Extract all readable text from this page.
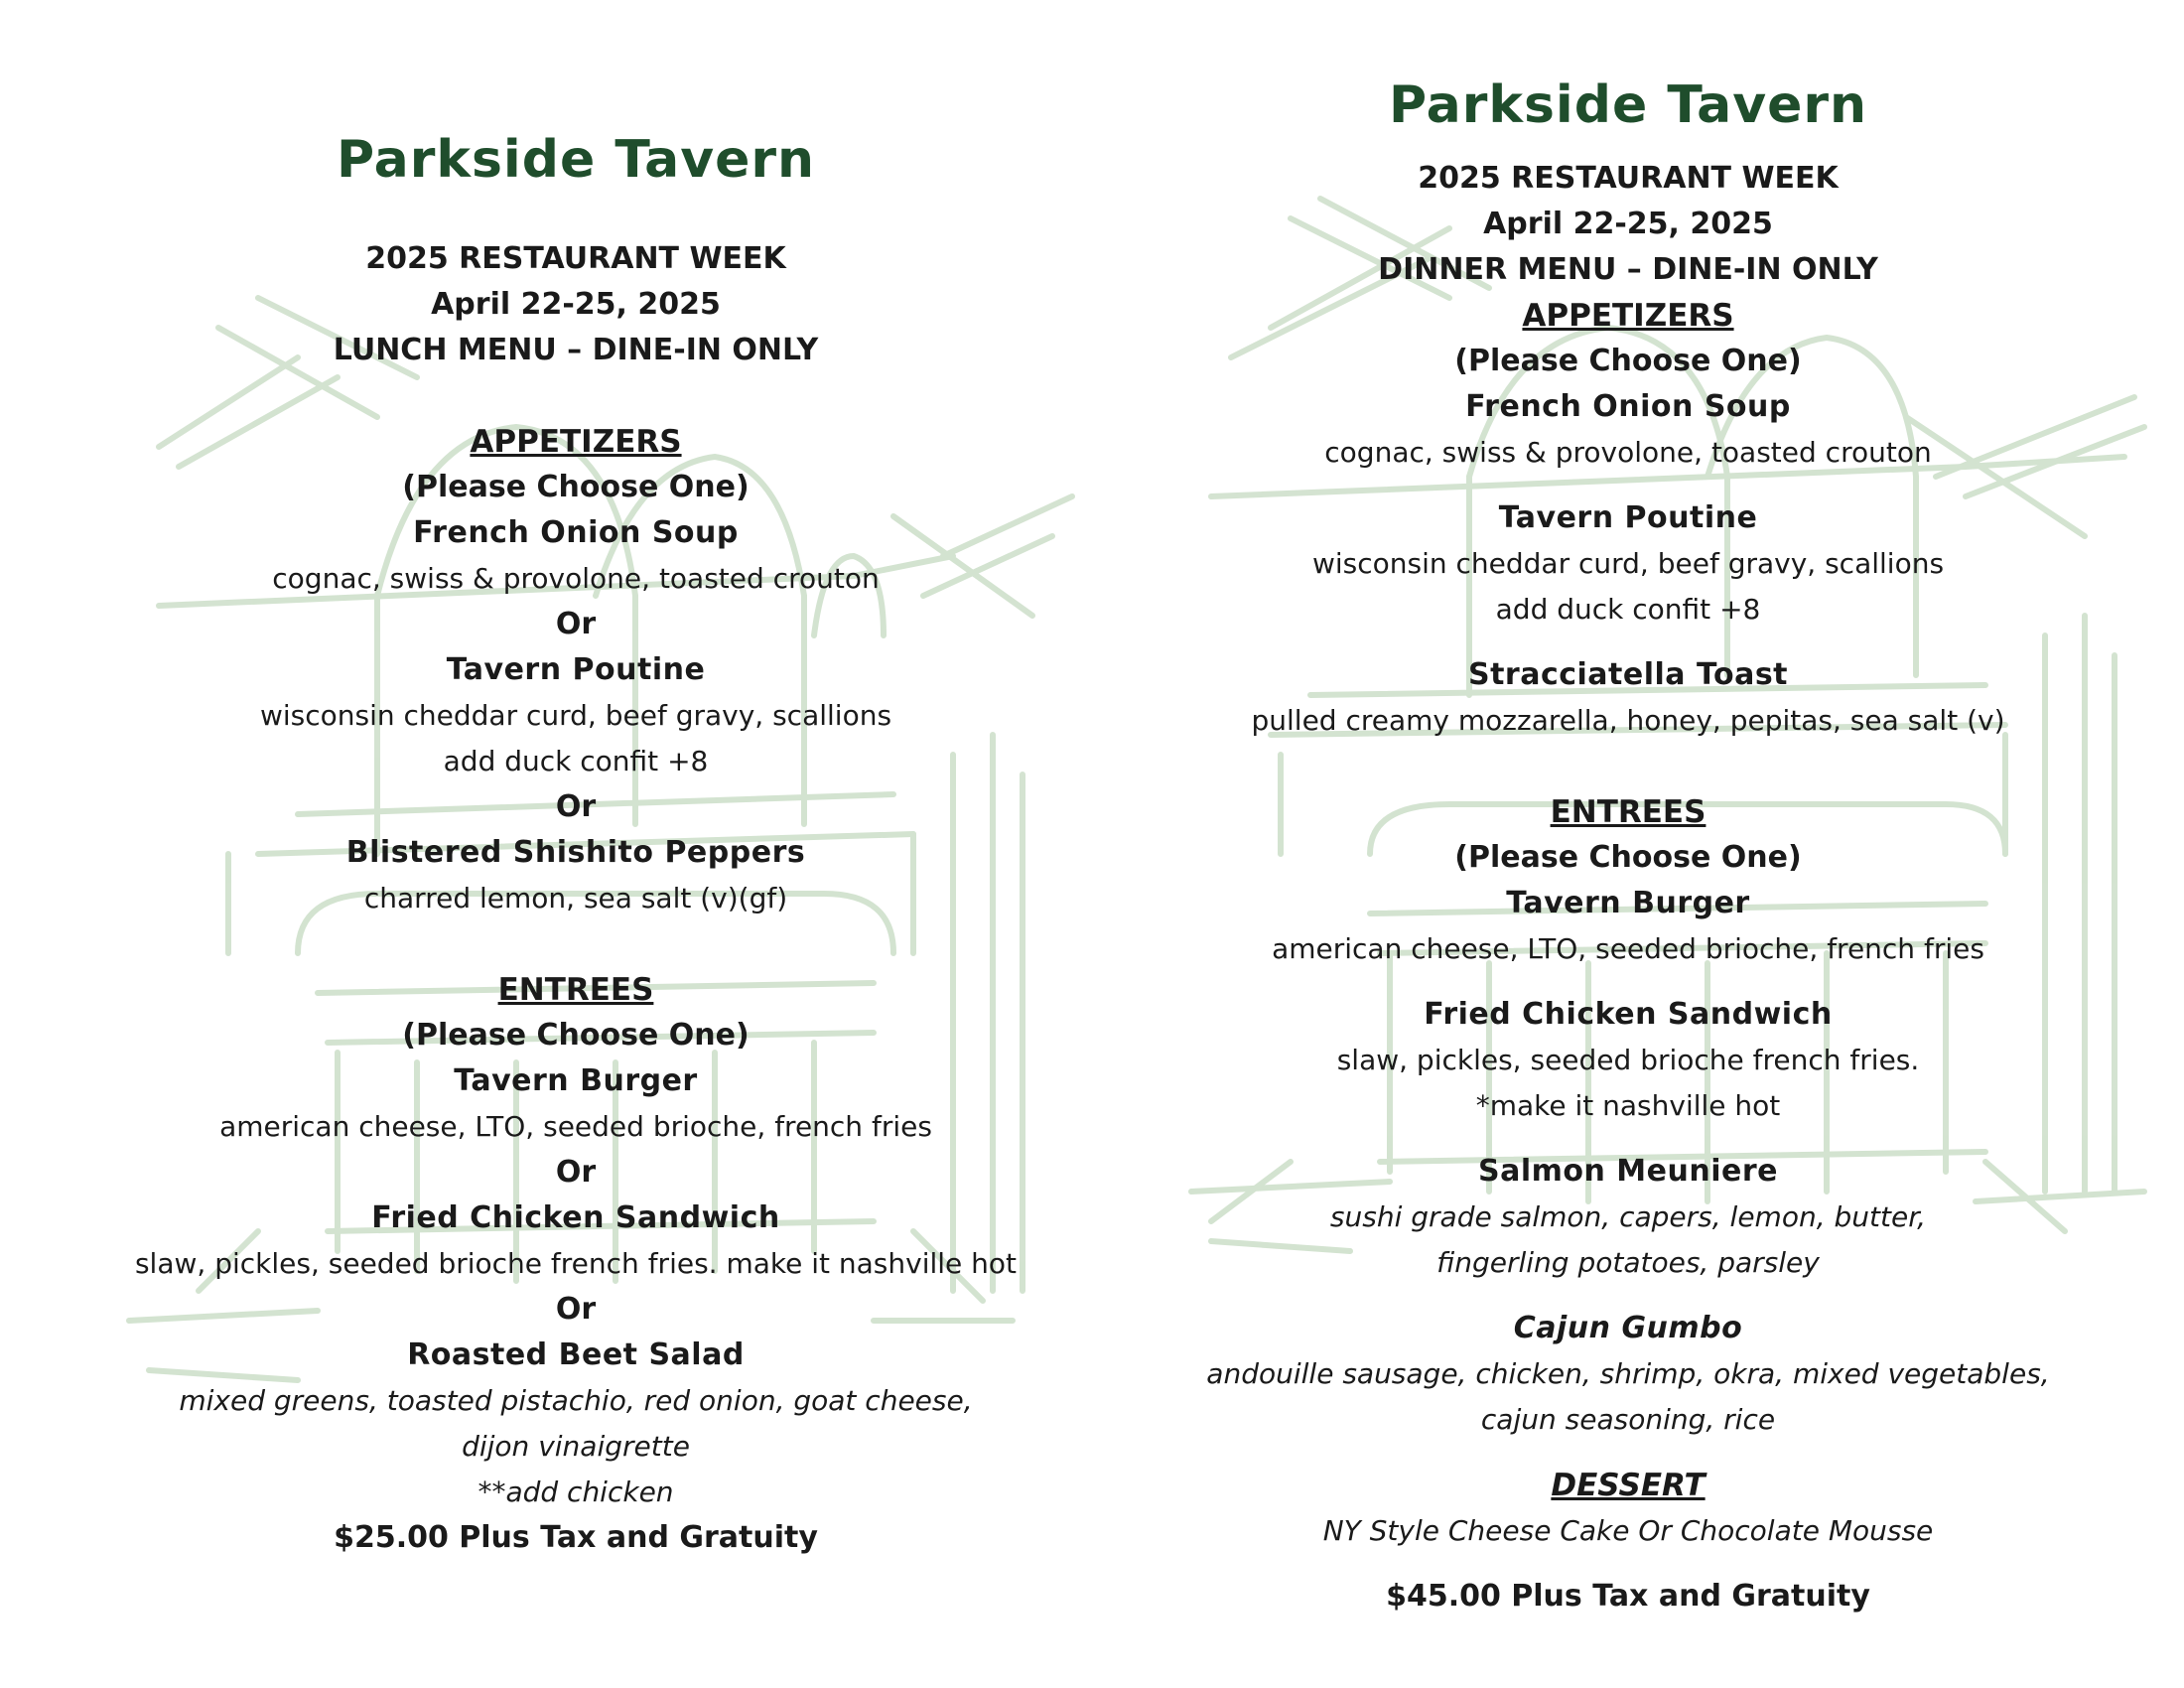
Parkside Tavern
2025 RESTAURANT WEEK
April 22-25, 2025
LUNCH MENU – DINE-IN ONLY
APPETIZERS
(Please Choose One)
French Onion Soup
cognac, swiss & provolone, toasted crouton
Or
Tavern Poutine
wisconsin cheddar curd, beef gravy, scallions
add duck confit +8
Or
Blistered Shishito Peppers
charred lemon, sea salt (v)(gf)
ENTREES
(Please Choose One)
Tavern Burger
american cheese, LTO, seeded brioche, french fries
Or
Fried Chicken Sandwich
slaw, pickles, seeded brioche french fries. make it nashville hot
Or
Roasted Beet Salad
mixed greens, toasted pistachio, red onion, goat cheese,
dijon vinaigrette
**add chicken
$25.00 Plus Tax and Gratuity
Parkside Tavern
2025 RESTAURANT WEEK
April 22-25, 2025
DINNER MENU – DINE-IN ONLY
APPETIZERS
(Please Choose One)
French Onion Soup
cognac, swiss & provolone, toasted crouton
Tavern Poutine
wisconsin cheddar curd, beef gravy, scallions
add duck confit +8
Stracciatella Toast
pulled creamy mozzarella, honey, pepitas, sea salt (v)
ENTREES
(Please Choose One)
Tavern Burger
american cheese, LTO, seeded brioche, french fries
Fried Chicken Sandwich
slaw, pickles, seeded brioche french fries.
*make it nashville hot
Salmon Meuniere
sushi grade salmon, capers, lemon, butter,
fingerling potatoes, parsley
Cajun Gumbo
andouille sausage, chicken, shrimp, okra, mixed vegetables,
cajun seasoning, rice
DESSERT
NY Style Cheese Cake Or Chocolate Mousse
$45.00 Plus Tax and Gratuity
